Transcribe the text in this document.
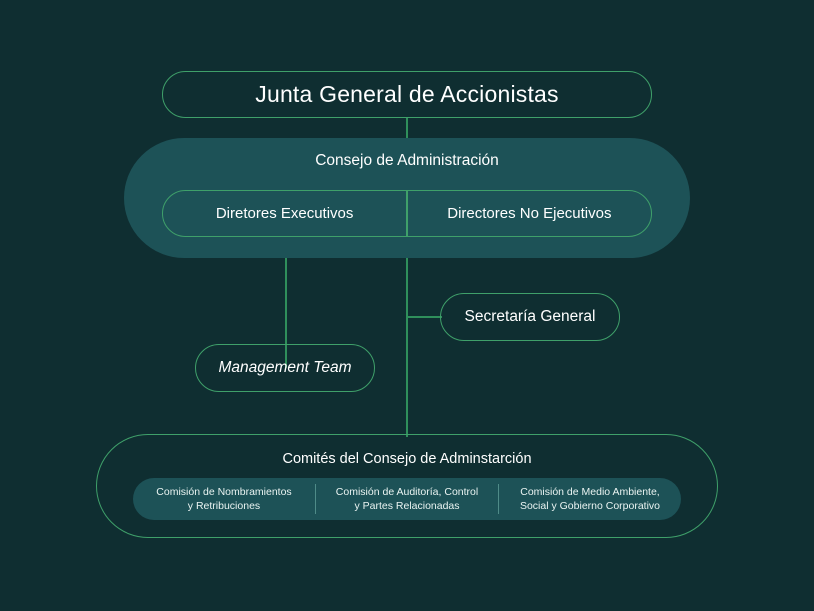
Junta General de Accionistas
Consejo de Administración
Diretores Executivos	Directores No Ejecutivos
Secretaría General
Management Team
Comités del Consejo de Adminstarción
Comisión de Nombramientos
y Retribuciones
Comisión de Auditoría, Control
y Partes Relacionadas
Comisión de Medio Ambiente,
Social y Gobierno Corporativo
